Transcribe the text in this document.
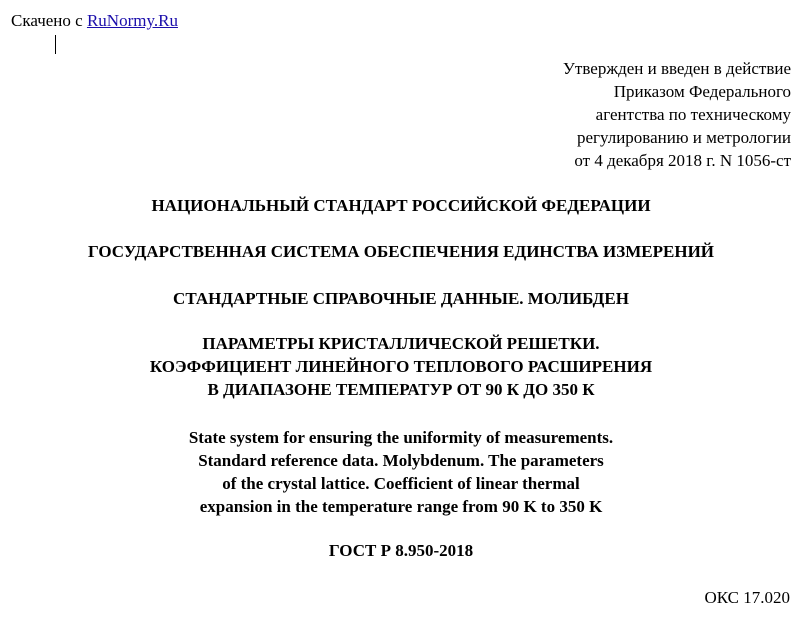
Скачено с RuNormy.Ru
Утвержден и введен в действие
Приказом Федерального
агентства по техническому
регулированию и метрологии
от 4 декабря 2018 г. N 1056-ст
НАЦИОНАЛЬНЫЙ СТАНДАРТ РОССИЙСКОЙ ФЕДЕРАЦИИ
ГОСУДАРСТВЕННАЯ СИСТЕМА ОБЕСПЕЧЕНИЯ ЕДИНСТВА ИЗМЕРЕНИЙ
СТАНДАРТНЫЕ СПРАВОЧНЫЕ ДАННЫЕ. МОЛИБДЕН
ПАРАМЕТРЫ КРИСТАЛЛИЧЕСКОЙ РЕШЕТКИ.
КОЭФФИЦИЕНТ ЛИНЕЙНОГО ТЕПЛОВОГО РАСШИРЕНИЯ
В ДИАПАЗОНЕ ТЕМПЕРАТУР ОТ 90 К ДО 350 К
State system for ensuring the uniformity of measurements.
Standard reference data. Molybdenum. The parameters
of the crystal lattice. Coefficient of linear thermal
expansion in the temperature range from 90 K to 350 K
ГОСТ Р 8.950-2018
ОКС 17.020
